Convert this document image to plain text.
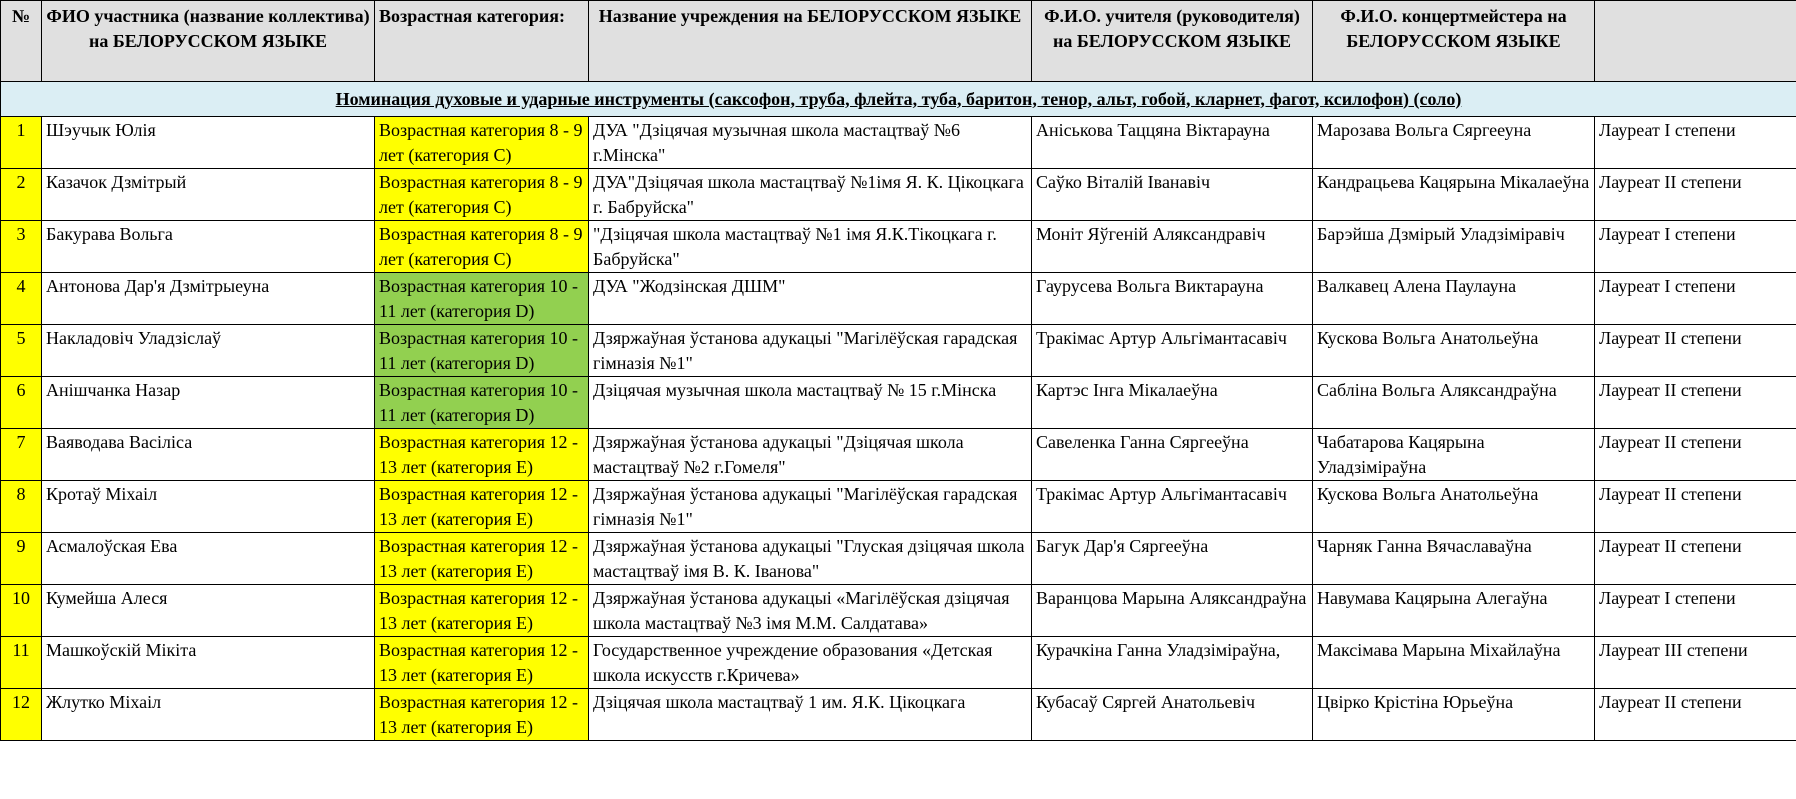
№	ФИО участника (название коллектива) на БЕЛОРУССКОМ ЯЗЫКЕ	Возрастная категория:	Название учреждения на БЕЛОРУССКОМ ЯЗЫКЕ	Ф.И.О. учителя (руководителя) на БЕЛОРУССКОМ ЯЗЫКЕ	Ф.И.О. концертмейстера на БЕЛОРУССКОМ ЯЗЫКЕ	
Номинация духовые и ударные инструменты (саксофон, труба, флейта, туба, баритон, тенор, альт, гобой, кларнет, фагот, ксилофон) (соло)						
1	Шэучык Юлія	Возрастная категория 8 - 9 лет (категория С)	ДУА "Дзіцячая музычная школа мастацтваў №6 г.Мінска"	Аніськова Таццяна Віктараунa	Марозава Вольга Сяргееуна	Лауреат I степени
2	Казачок Дзмітрый	Возрастная категория 8 - 9 лет (категория С)	ДУА"Дзіцячая школа мастацтваў №1імя Я. К. Цікоцкага г. Бабруйска"	Саўко Віталій Іванавіч	Кандрацьева Кацярына Мікалаеўна	Лауреат II степени
3	Бакурава Вольга	Возрастная категория 8 - 9 лет (категория С)	"Дзіцячая школа мастацтваў №1 імя Я.К.Тікоцкага г. Бабруйска"	Моніт Яўгеній Аляксандравіч	Барэйша Дзмірый Уладзіміравіч	Лауреат I степени
4	Антонова Дар'я Дзмітрыеуна	Возрастная категория 10 - 11 лет (категория D)	ДУА "Жодзінская ДШМ"	Гаурусева Вольга Виктараунa	Валкавец Алена Паулауна	Лауреат I степени
5	Накладовіч Уладзіслаў	Возрастная категория 10 - 11 лет (категория D)	Дзяржаўная ўстанова адукацыі "Магілёўская гарадская гімназія №1"	Тракімас Артур Альгімантасавіч	Кускова Вольга Анатольеўна	Лауреат II степени
6	Анішчанка Назар	Возрастная категория 10 - 11 лет (категория D)	Дзіцячая музычная школа мастацтваў № 15 г.Мінска	Картэс Інга Мікалаеўна	Сабліна Вольга Аляксандраўна	Лауреат II степени
7	Ваяводава Васіліса	Возрастная категория 12 - 13 лет (категория E)	Дзяржаўная ўстанова адукацыі "Дзіцячая школа мастацтваў №2 г.Гомеля"	Савеленка Ганна Сяргееўна	Чабатарова Кацярына Уладзіміраўна	Лауреат II степени
8	Кротаў Міхаіл	Возрастная категория 12 - 13 лет (категория E)	Дзяржаўная ўстанова адукацыі "Магілёўская гарадская гімназія №1"	Тракімас Артур Альгімантасавіч	Кускова Вольга Анатольеўна	Лауреат II степени
9	Асмалоўская Ева	Возрастная категория 12 - 13 лет (категория E)	Дзяржаўная ўстанова адукацыі "Глуская дзіцячая школа мастацтваў імя В. К. Іванова"	Багук Дар'я Сяргееўна	Чарняк Ганна Вячаславаўна	Лауреат II степени
10	Кумейша Алеся	Возрастная категория 12 - 13 лет (категория E)	Дзяржаўная ўстанова адукацыі «Магілёўская дзіцячая школа мастацтваў №3 імя М.М. Салдатава»	Варанцова Марына Аляксандраўна	Навумава Кацярына Алегаўна	Лауреат I степени
11	Машкоўскій Мікіта	Возрастная категория 12 - 13 лет (категория E)	Государственное учреждение образования «Детская школа искусств г.Кричева»	Курачкіна Ганна Уладзіміраўна,	Максімава Марына Міхайлаўна	Лауреат III степени
12	Жлутко Міхаіл	Возрастная категория 12 - 13 лет (категория E)	Дзіцячая школа мастацтваў 1 им. Я.К. Цікоцкага	Кубасаў Сяргей Анатольевіч	Цвірко Крістіна Юрьеўна	Лауреат II степени
